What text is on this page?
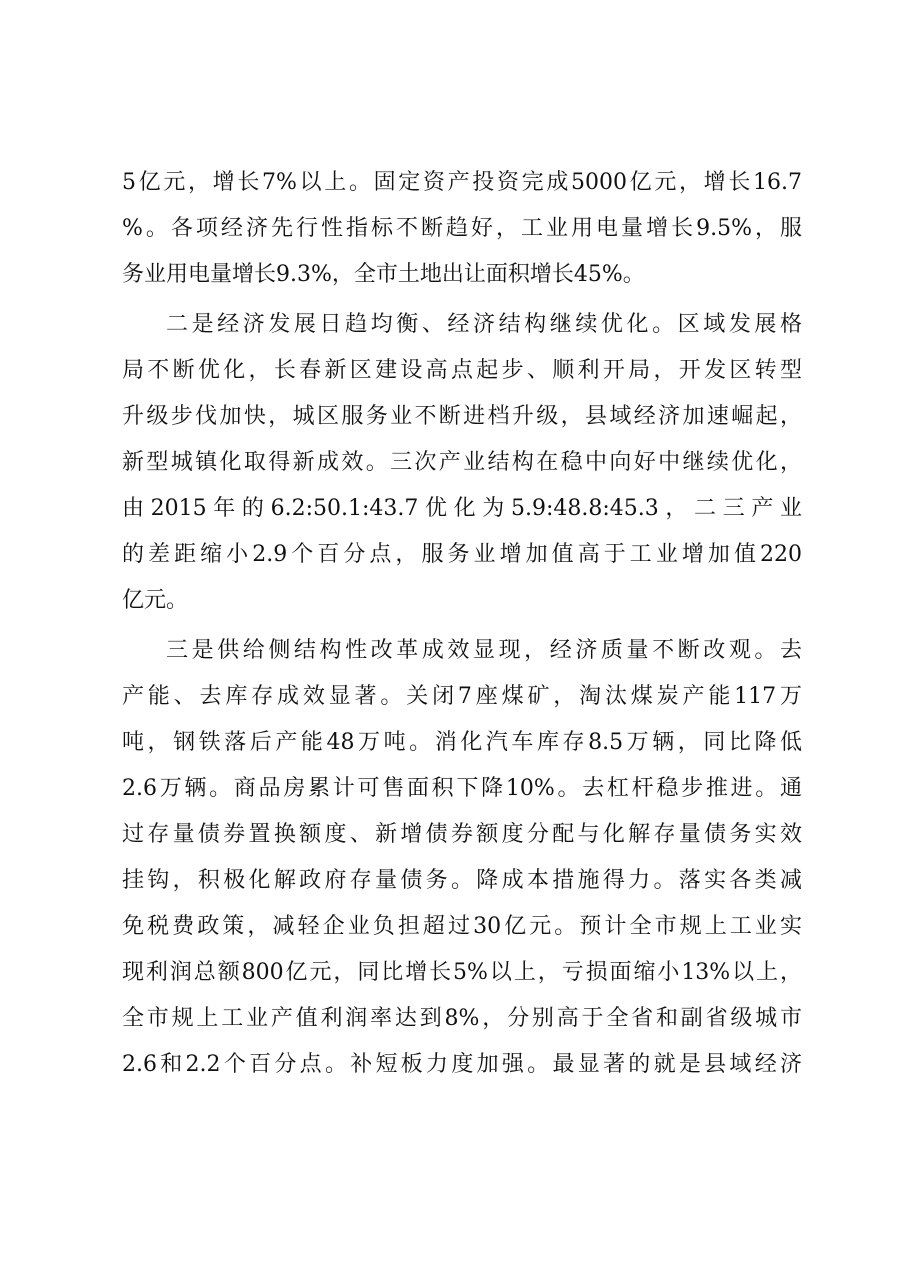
5亿元，增长7%以上。固定资产投资完成5000亿元，增长16.7
%。各项经济先行性指标不断趋好，工业用电量增长9.5%，服
务业用电量增长9.3%，全市土地出让面积增长45%。
二是经济发展日趋均衡、经济结构继续优化。区域发展格
局不断优化，长春新区建设高点起步、顺利开局，开发区转型
升级步伐加快，城区服务业不断进档升级，县域经济加速崛起，
新型城镇化取得新成效。三次产业结构在稳中向好中继续优化，
由2015年的6.2:50.1:43.7优化为5.9:48.8:45.3，二三产业
的差距缩小2.9个百分点，服务业增加值高于工业增加值220
亿元。
三是供给侧结构性改革成效显现，经济质量不断改观。去
产能、去库存成效显著。关闭7座煤矿，淘汰煤炭产能117万
吨，钢铁落后产能48万吨。消化汽车库存8.5万辆，同比降低
2.6万辆。商品房累计可售面积下降10%。去杠杆稳步推进。通
过存量债券置换额度、新增债券额度分配与化解存量债务实效
挂钩，积极化解政府存量债务。降成本措施得力。落实各类减
免税费政策，减轻企业负担超过30亿元。预计全市规上工业实
现利润总额800亿元，同比增长5%以上，亏损面缩小13%以上，
全市规上工业产值利润率达到8%，分别高于全省和副省级城市
2.6和2.2个百分点。补短板力度加强。最显著的就是县域经济
